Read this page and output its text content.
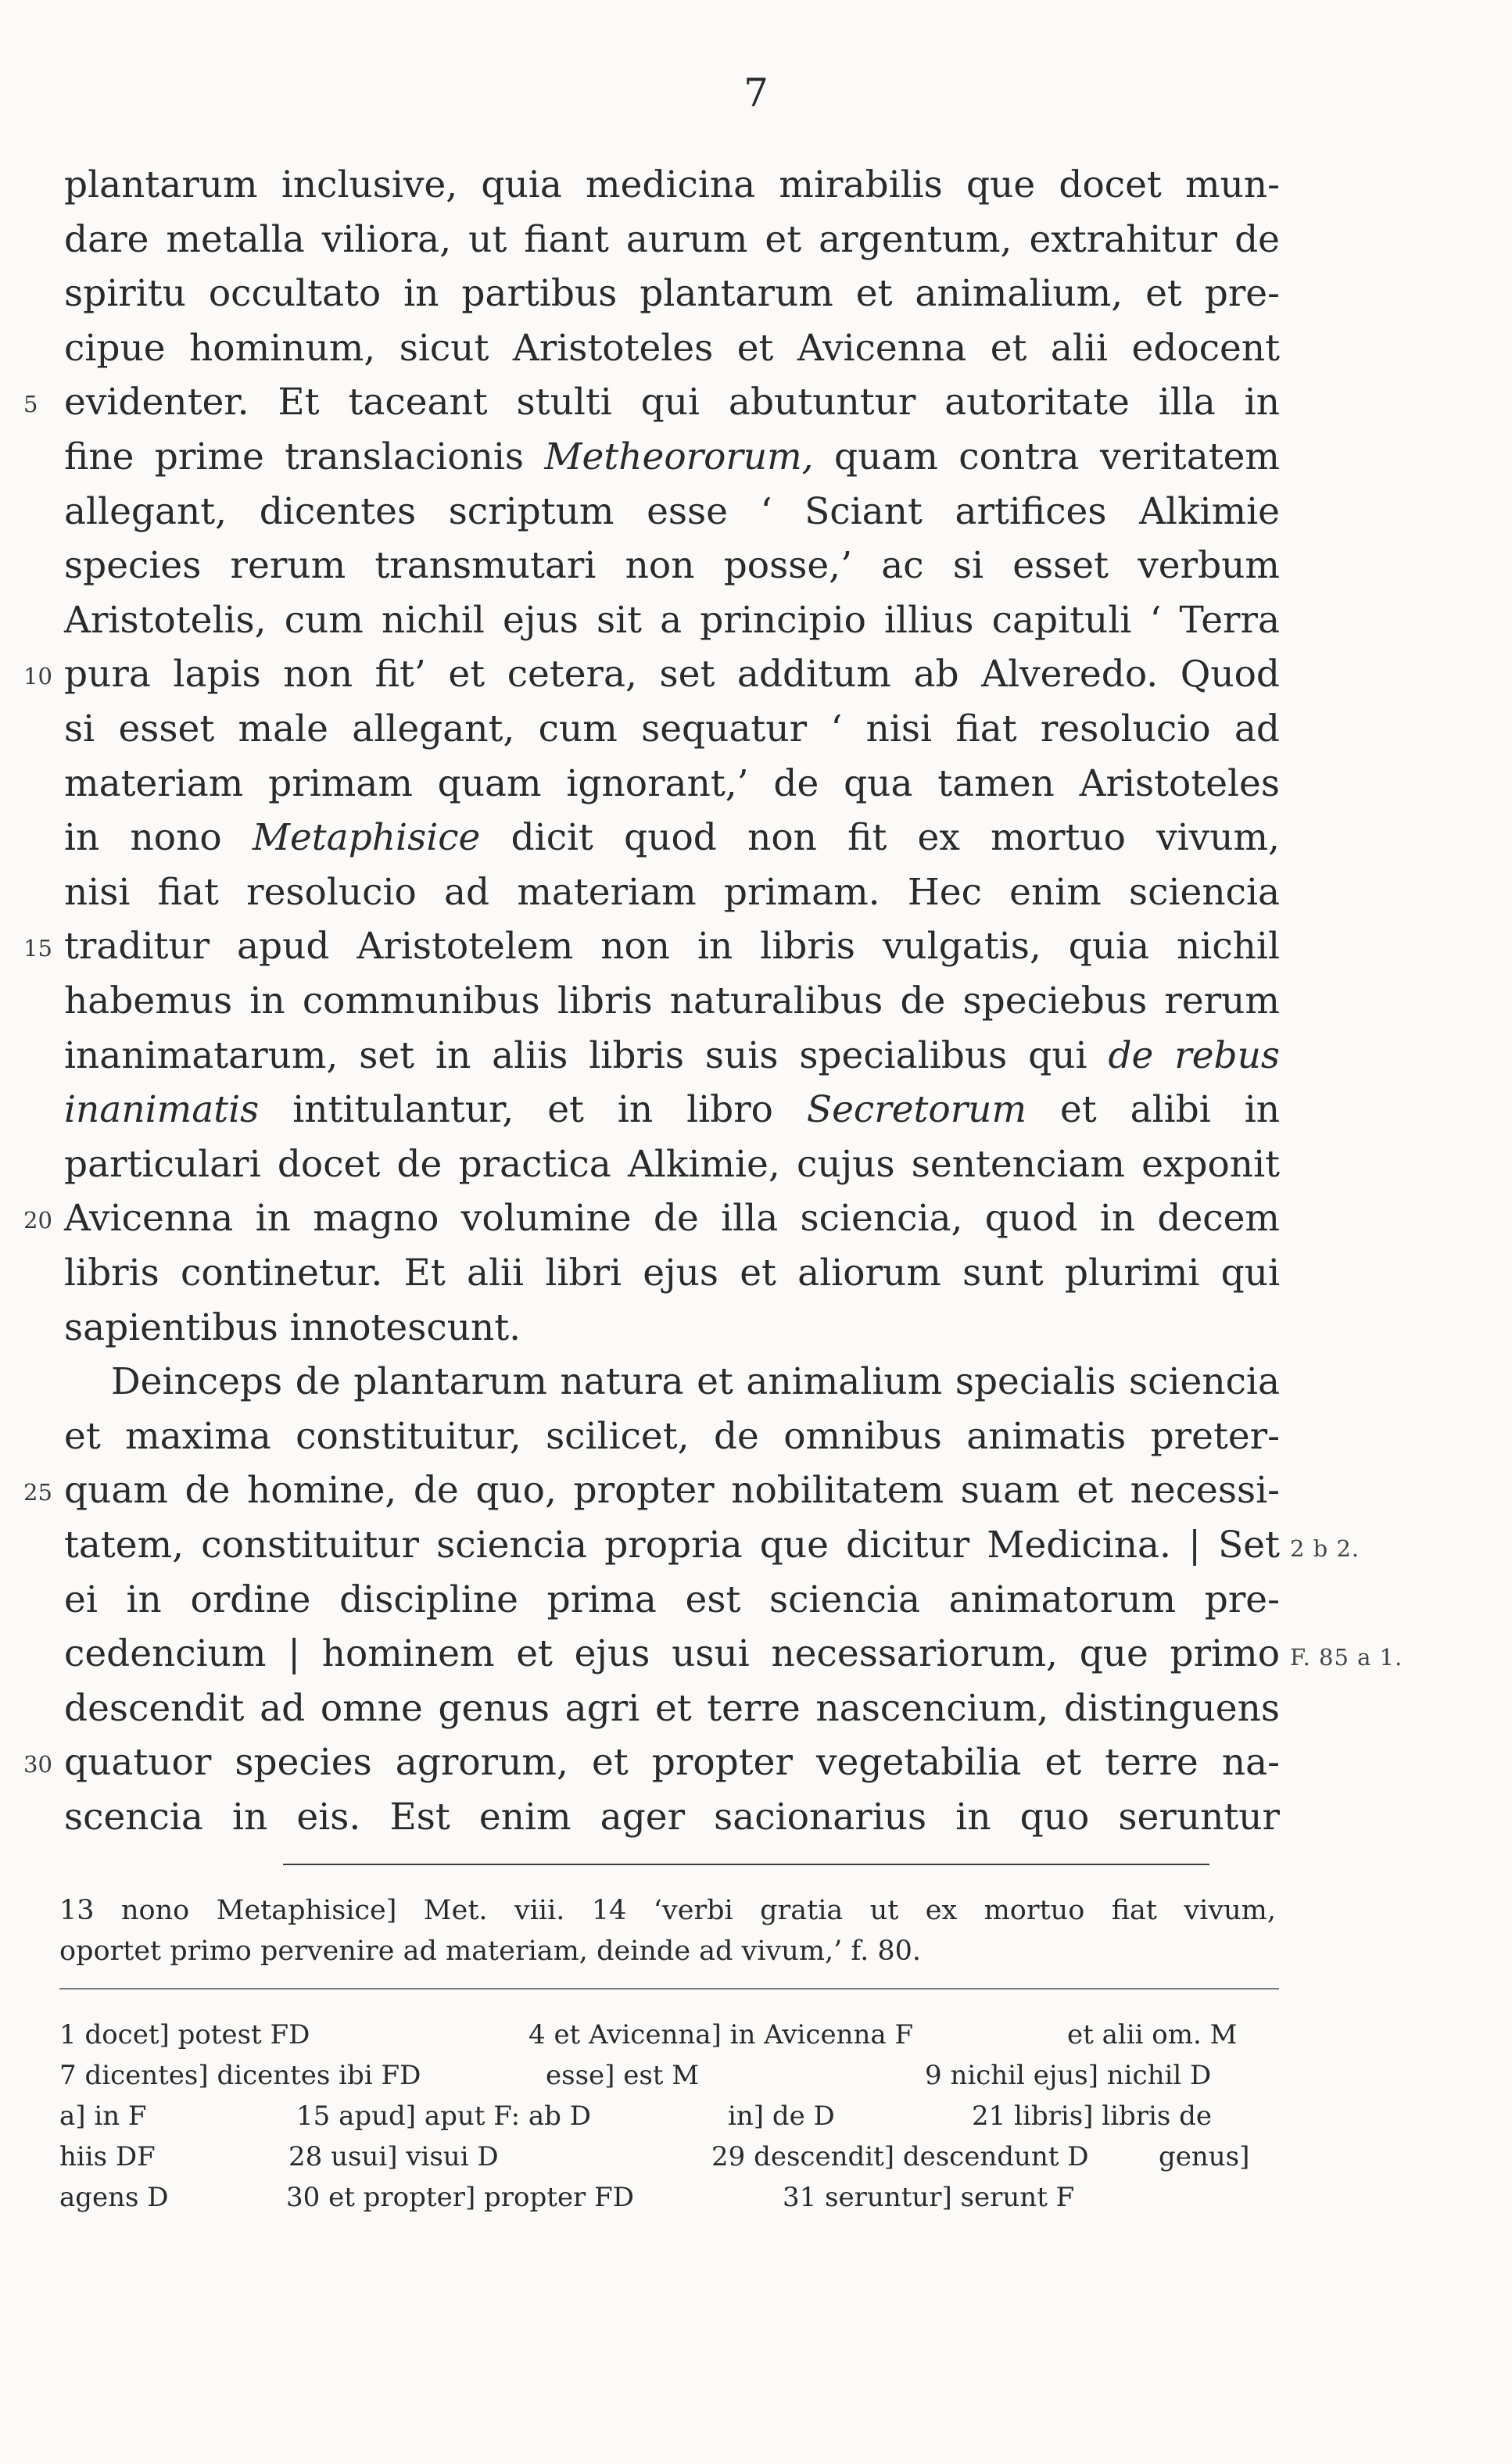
7
plantarum inclusive, quia medicina mirabilis que docet mun-
dare metalla viliora, ut fiant aurum et argentum, extrahitur de
spiritu occultato in partibus plantarum et animalium, et pre-
cipue hominum, sicut Aristoteles et Avicenna et alii edocent
5 evidenter. Et taceant stulti qui abutuntur autoritate illa in
fine prime translacionis Metheororum, quam contra veritatem
allegant, dicentes scriptum esse ‘ Sciant artifices Alkimie
species rerum transmutari non posse,’ ac si esset verbum
Aristotelis, cum nichil ejus sit a principio illius capituli ‘ Terra
10 pura lapis non fit’ et cetera, set additum ab Alveredo. Quod
si esset male allegant, cum sequatur ‘ nisi fiat resolucio ad
materiam primam quam ignorant,’ de qua tamen Aristoteles
in nono Metaphisice dicit quod non fit ex mortuo vivum,
nisi fiat resolucio ad materiam primam. Hec enim sciencia
15 traditur apud Aristotelem non in libris vulgatis, quia nichil
habemus in communibus libris naturalibus de speciebus rerum
inanimatarum, set in aliis libris suis specialibus qui de rebus
inanimatis intitulantur, et in libro Secretorum et alibi in
particulari docet de practica Alkimie, cujus sentenciam exponit
20 Avicenna in magno volumine de illa sciencia, quod in decem
libris continetur. Et alii libri ejus et aliorum sunt plurimi qui
sapientibus innotescunt.
Deinceps de plantarum natura et animalium specialis sciencia
et maxima constituitur, scilicet, de omnibus animatis preter-
25 quam de homine, de quo, propter nobilitatem suam et necessi-
tatem, constituitur sciencia propria que dicitur Medicina. | Set 2 b 2.
ei in ordine discipline prima est sciencia animatorum pre-
cedencium | hominem et ejus usui necessariorum, que primo F. 85 a 1.
descendit ad omne genus agri et terre nascencium, distinguens
30 quatuor species agrorum, et propter vegetabilia et terre na-
scencia in eis. Est enim ager sacionarius in quo seruntur
13 nono Metaphisice] Met. viii. 14 ‘verbi gratia ut ex mortuo fiat vivum,
oportet primo pervenire ad materiam, deinde ad vivum,’ f. 80.
1 docet] potest FD	4 et Avicenna] in Avicenna F	et alii om. M
7 dicentes] dicentes ibi FD	esse] est M	9 nichil ejus] nichil D
a] in F	15 apud] aput F: ab D	in] de D	21 libris] libris de
hiis DF	28 usui] visui D	29 descendit] descendunt D	genus]
agens D	30 et propter] propter FD	31 seruntur] serunt F
